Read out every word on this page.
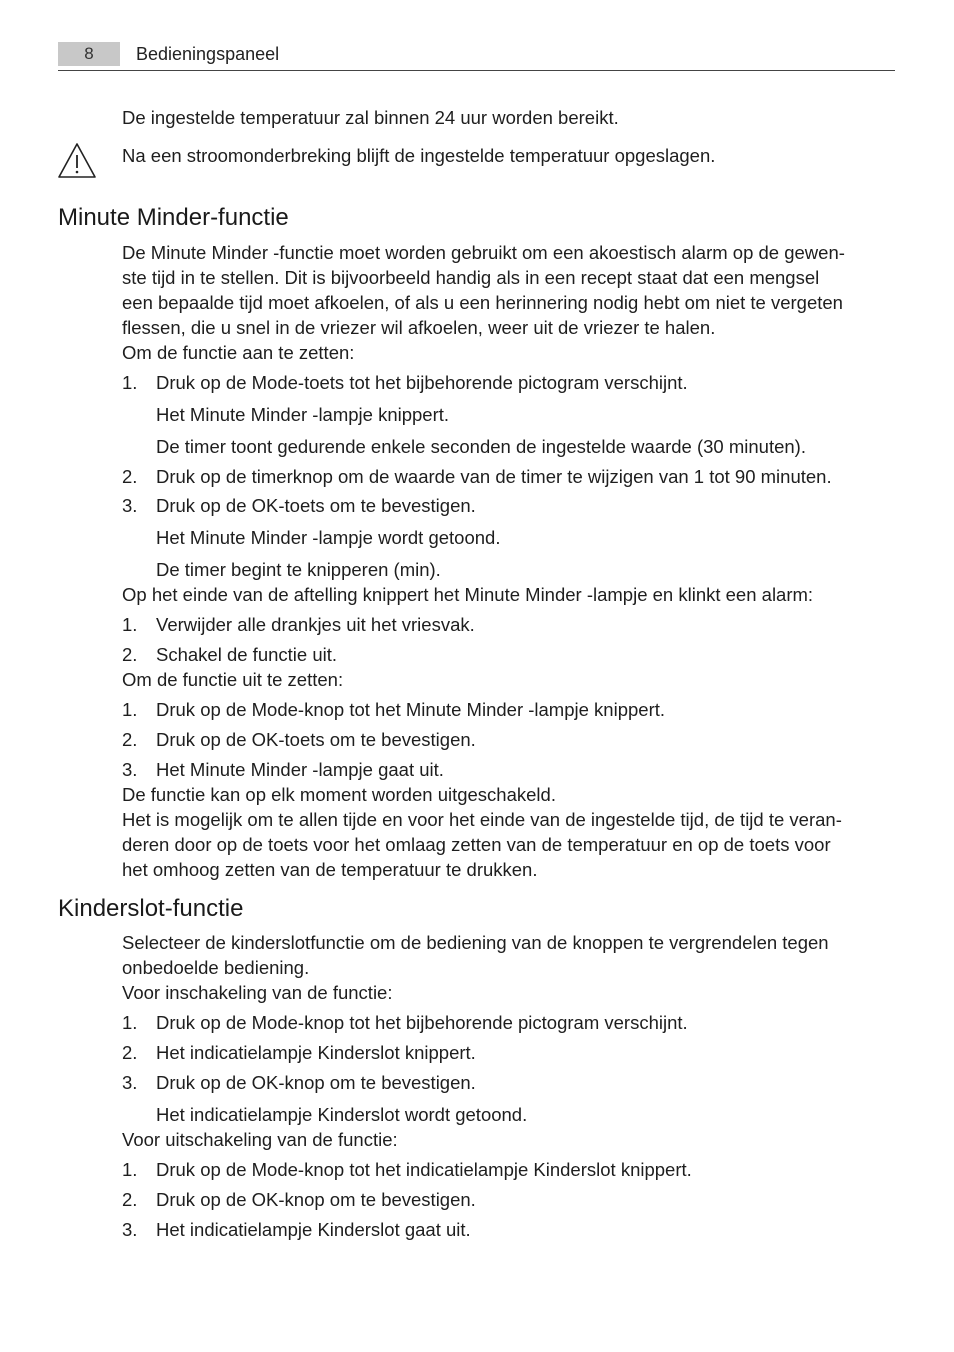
8	Bedieningspaneel
De ingestelde temperatuur zal binnen 24 uur worden bereikt.
Na een stroomonderbreking blijft de ingestelde temperatuur opgeslagen.
Minute Minder-functie
De Minute Minder -functie moet worden gebruikt om een akoestisch alarm op de gewen-
ste tijd in te stellen. Dit is bijvoorbeeld handig als in een recept staat dat een mengsel
een bepaalde tijd moet afkoelen, of als u een herinnering nodig hebt om niet te vergeten
flessen, die u snel in de vriezer wil afkoelen, weer uit de vriezer te halen.
Om de functie aan te zetten:
1. Druk op de Mode-toets tot het bijbehorende pictogram verschijnt.
Het Minute Minder -lampje knippert.
De timer toont gedurende enkele seconden de ingestelde waarde (30 minuten).
2. Druk op de timerknop om de waarde van de timer te wijzigen van 1 tot 90 minuten.
3. Druk op de OK-toets om te bevestigen.
Het Minute Minder -lampje wordt getoond.
De timer begint te knipperen (min).
Op het einde van de aftelling knippert het Minute Minder -lampje en klinkt een alarm:
1. Verwijder alle drankjes uit het vriesvak.
2. Schakel de functie uit.
Om de functie uit te zetten:
1. Druk op de Mode-knop tot het Minute Minder -lampje knippert.
2. Druk op de OK-toets om te bevestigen.
3. Het Minute Minder -lampje gaat uit.
De functie kan op elk moment worden uitgeschakeld.
Het is mogelijk om te allen tijde en voor het einde van de ingestelde tijd, de tijd te veran-
deren door op de toets voor het omlaag zetten van de temperatuur en op de toets voor
het omhoog zetten van de temperatuur te drukken.
Kinderslot-functie
Selecteer de kinderslotfunctie om de bediening van de knoppen te vergrendelen tegen
onbedoelde bediening.
Voor inschakeling van de functie:
1. Druk op de Mode-knop tot het bijbehorende pictogram verschijnt.
2. Het indicatielampje Kinderslot knippert.
3. Druk op de OK-knop om te bevestigen.
Het indicatielampje Kinderslot wordt getoond.
Voor uitschakeling van de functie:
1. Druk op de Mode-knop tot het indicatielampje Kinderslot knippert.
2. Druk op de OK-knop om te bevestigen.
3. Het indicatielampje Kinderslot gaat uit.
